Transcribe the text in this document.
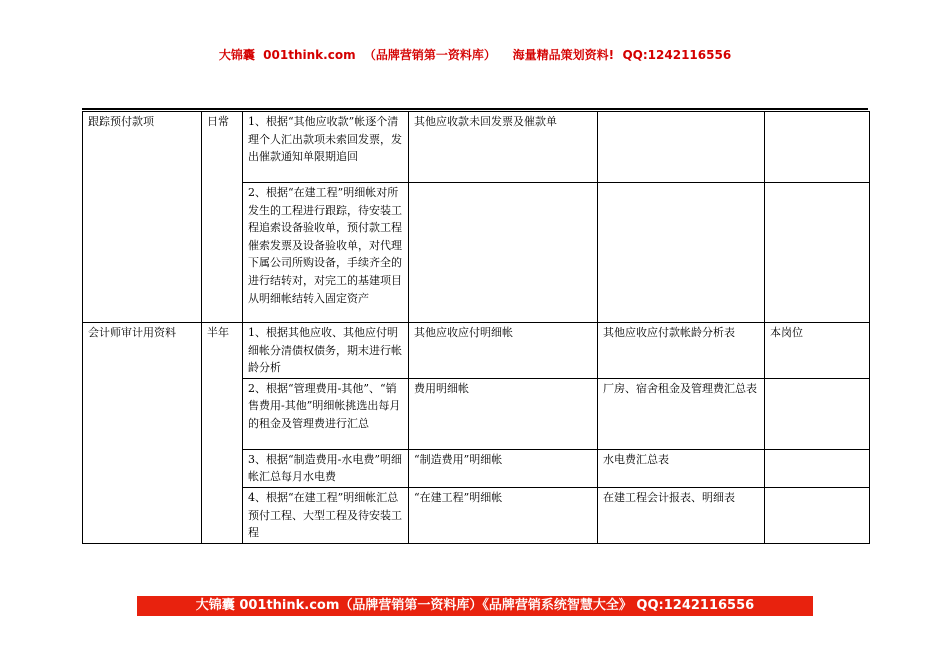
大锦囊  001think.com  （品牌营销第一资料库）    海量精品策划资料!  QQ:1242116556
跟踪预付款项	日常	1、根据“其他应收款”帐逐个清理个人汇出款项未索回发票，发出催款通知单限期追回	其他应收款未回发票及催款单		
		2、根据“在建工程”明细帐对所发生的工程进行跟踪，待安装工程追索设备验收单，预付款工程催索发票及设备验收单，对代理下属公司所购设备，手续齐全的进行结转对，对完工的基建项目从明细帐结转入固定资产			
会计师审计用资料	半年	1、根据其他应收、其他应付明细帐分清债权债务，期末进行帐龄分析	其他应收应付明细帐	其他应收应付款帐龄分析表	本岗位
		2、根据“管理费用-其他”、“销售费用-其他”明细帐挑选出每月的租金及管理费进行汇总	费用明细帐	厂房、宿舍租金及管理费汇总表	
		3、根据“制造费用-水电费”明细帐汇总每月水电费	“制造费用”明细帐	水电费汇总表	
		4、根据“在建工程”明细帐汇总预付工程、大型工程及待安装工程	“在建工程”明细帐	在建工程会计报表、明细表	
大锦囊 001think.com（品牌营销第一资料库）《品牌营销系统智慧大全》 QQ:1242116556
